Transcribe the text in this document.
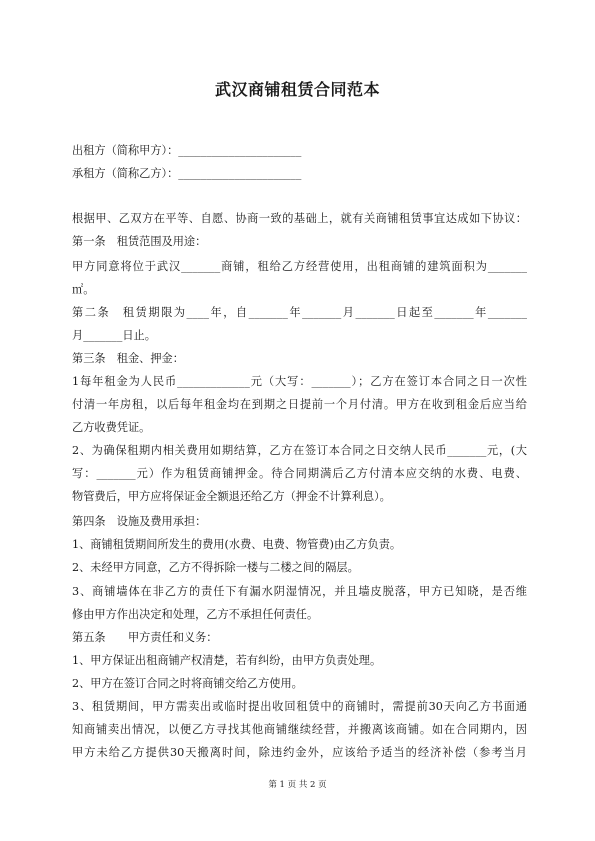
武汉商铺租赁合同范本
出租方（简称甲方）：______________________
承租方（简称乙方）：______________________
根据甲、乙双方在平等、自愿、协商一致的基础上，就有关商铺租赁事宜达成如下协议：
第一条　租赁范围及用途：
甲方同意将位于武汉_______商铺，租给乙方经营使用，出租商铺的建筑面积为_______
㎡。
第二条　租赁期限为____年，自_______年_______月_______日起至_______年_______
月_______日止。
第三条　租金、押金：
1每年租金为人民币_____________元（大写：_______）；乙方在签订本合同之日一次性
付清一年房租，以后每年租金均在到期之日提前一个月付清。甲方在收到租金后应当给
乙方收费凭证。
2、为确保租期内相关费用如期结算，乙方在签订本合同之日交纳人民币_______元，(大
写：_______元）作为租赁商铺押金。待合同期满后乙方付清本应交纳的水费、电费、
物管费后，甲方应将保证金全额退还给乙方（押金不计算利息）。
第四条　设施及费用承担：
1、商铺租赁期间所发生的费用(水费、电费、物管费)由乙方负责。
2、未经甲方同意，乙方不得拆除一楼与二楼之间的隔层。
3、商铺墙体在非乙方的责任下有漏水阴湿情况，并且墙皮脱落，甲方已知晓，是否维
修由甲方作出决定和处理，乙方不承担任何责任。
第五条　　甲方责任和义务：
1、甲方保证出租商铺产权清楚，若有纠纷，由甲方负责处理。
2、甲方在签订合同之时将商铺交给乙方使用。
3、租赁期间，甲方需卖出或临时提出收回租赁中的商铺时，需提前30天向乙方书面通
知商铺卖出情况，以便乙方寻找其他商铺继续经营，并搬离该商铺。如在合同期内，因
甲方未给乙方提供30天搬离时间，除违约金外，应该给予适当的经济补偿（参考当月
第 1 页 共 2 页
